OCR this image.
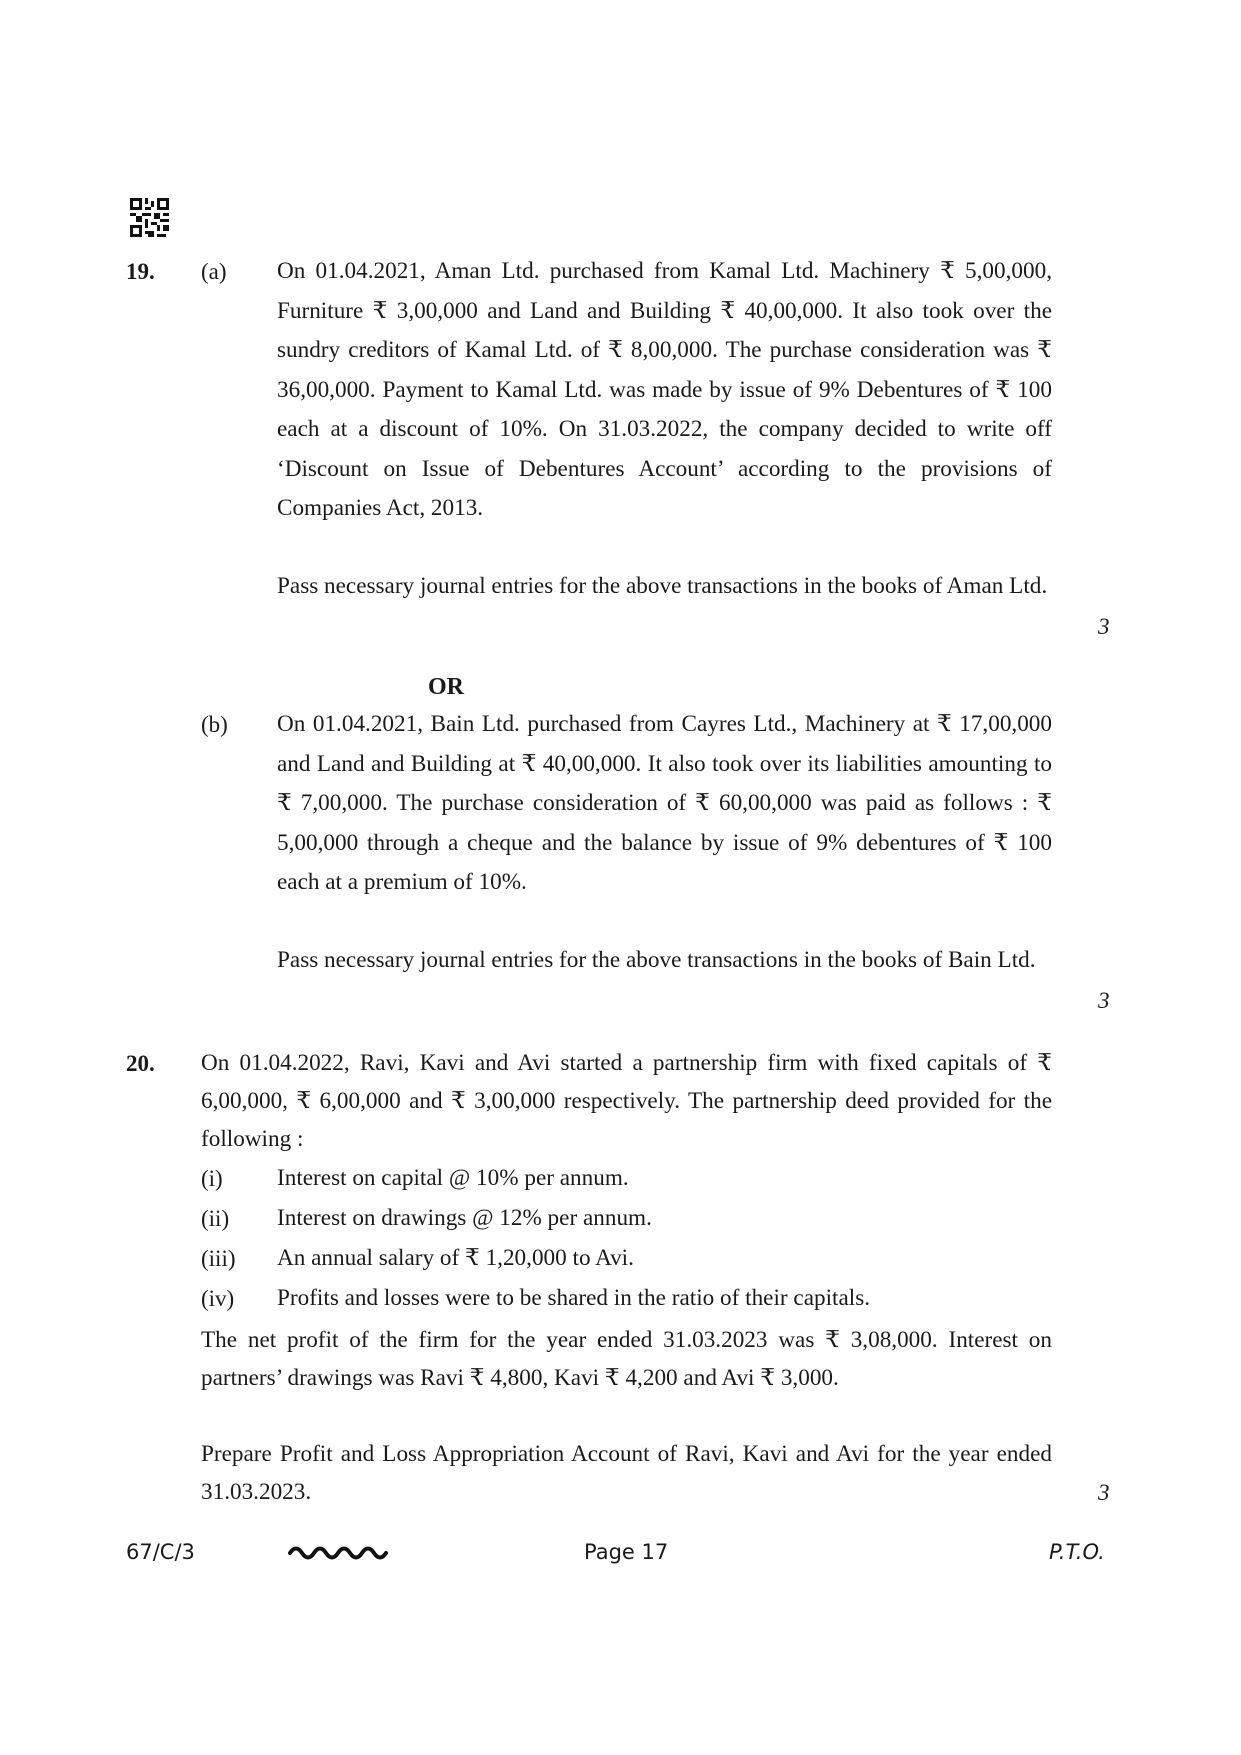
19. (a) On 01.04.2021, Aman Ltd. purchased from Kamal Ltd. Machinery ₹ 5,00,000, Furniture ₹ 3,00,000 and Land and Building ₹ 40,00,000. It also took over the sundry creditors of Kamal Ltd. of ₹ 8,00,000. The purchase consideration was ₹ 36,00,000. Payment to Kamal Ltd. was made by issue of 9% Debentures of ₹ 100 each at a discount of 10%. On 31.03.2022, the company decided to write off ‘Discount on Issue of Debentures Account’ according to the provisions of Companies Act, 2013.

Pass necessary journal entries for the above transactions in the books of Aman Ltd.

3
OR
(b) On 01.04.2021, Bain Ltd. purchased from Cayres Ltd., Machinery at ₹ 17,00,000 and Land and Building at ₹ 40,00,000. It also took over its liabilities amounting to ₹ 7,00,000. The purchase consideration of ₹ 60,00,000 was paid as follows : ₹ 5,00,000 through a cheque and the balance by issue of 9% debentures of ₹ 100 each at a premium of 10%.

Pass necessary journal entries for the above transactions in the books of Bain Ltd.

3
20. On 01.04.2022, Ravi, Kavi and Avi started a partnership firm with fixed capitals of ₹ 6,00,000, ₹ 6,00,000 and ₹ 3,00,000 respectively. The partnership deed provided for the following :

(i) Interest on capital @ 10% per annum.
(ii) Interest on drawings @ 12% per annum.
(iii) An annual salary of ₹ 1,20,000 to Avi.
(iv) Profits and losses were to be shared in the ratio of their capitals.

The net profit of the firm for the year ended 31.03.2023 was ₹ 3,08,000. Interest on partners’ drawings was Ravi ₹ 4,800, Kavi ₹ 4,200 and Avi ₹ 3,000.

Prepare Profit and Loss Appropriation Account of Ravi, Kavi and Avi for the year ended 31.03.2023.	3
67/C/3	Page 17	P.T.O.
